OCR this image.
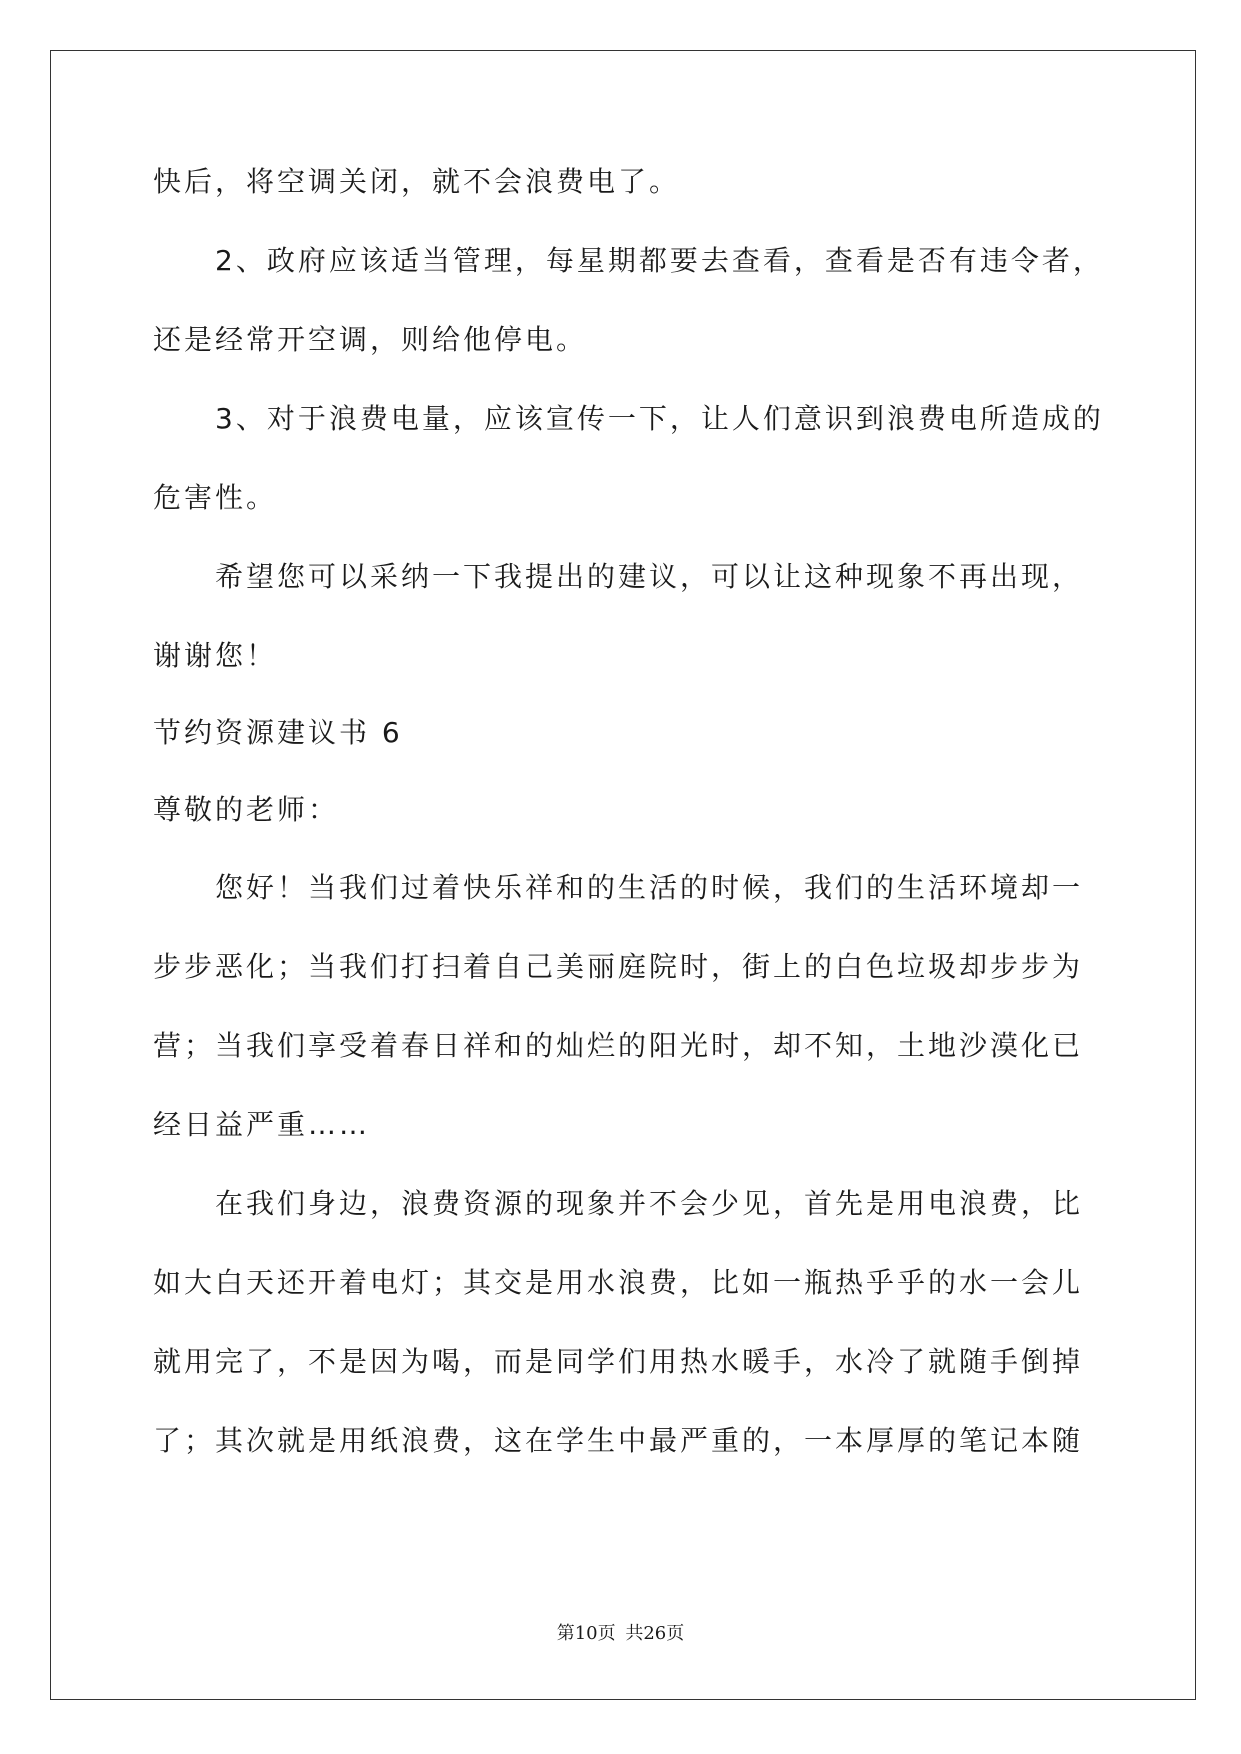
快后，将空调关闭，就不会浪费电了。
2、政府应该适当管理，每星期都要去查看，查看是否有违令者，
还是经常开空调，则给他停电。
3、对于浪费电量，应该宣传一下，让人们意识到浪费电所造成的
危害性。
希望您可以采纳一下我提出的建议，可以让这种现象不再出现，
谢谢您！
节约资源建议书 6
尊敬的老师：
您好！当我们过着快乐祥和的生活的时候，我们的生活环境却一
步步恶化；当我们打扫着自己美丽庭院时，街上的白色垃圾却步步为
营；当我们享受着春日祥和的灿烂的阳光时，却不知，土地沙漠化已
经日益严重……
在我们身边，浪费资源的现象并不会少见，首先是用电浪费，比
如大白天还开着电灯；其交是用水浪费，比如一瓶热乎乎的水一会儿
就用完了，不是因为喝，而是同学们用热水暖手，水冷了就随手倒掉
了；其次就是用纸浪费，这在学生中最严重的，一本厚厚的笔记本随
第10页 共26页
